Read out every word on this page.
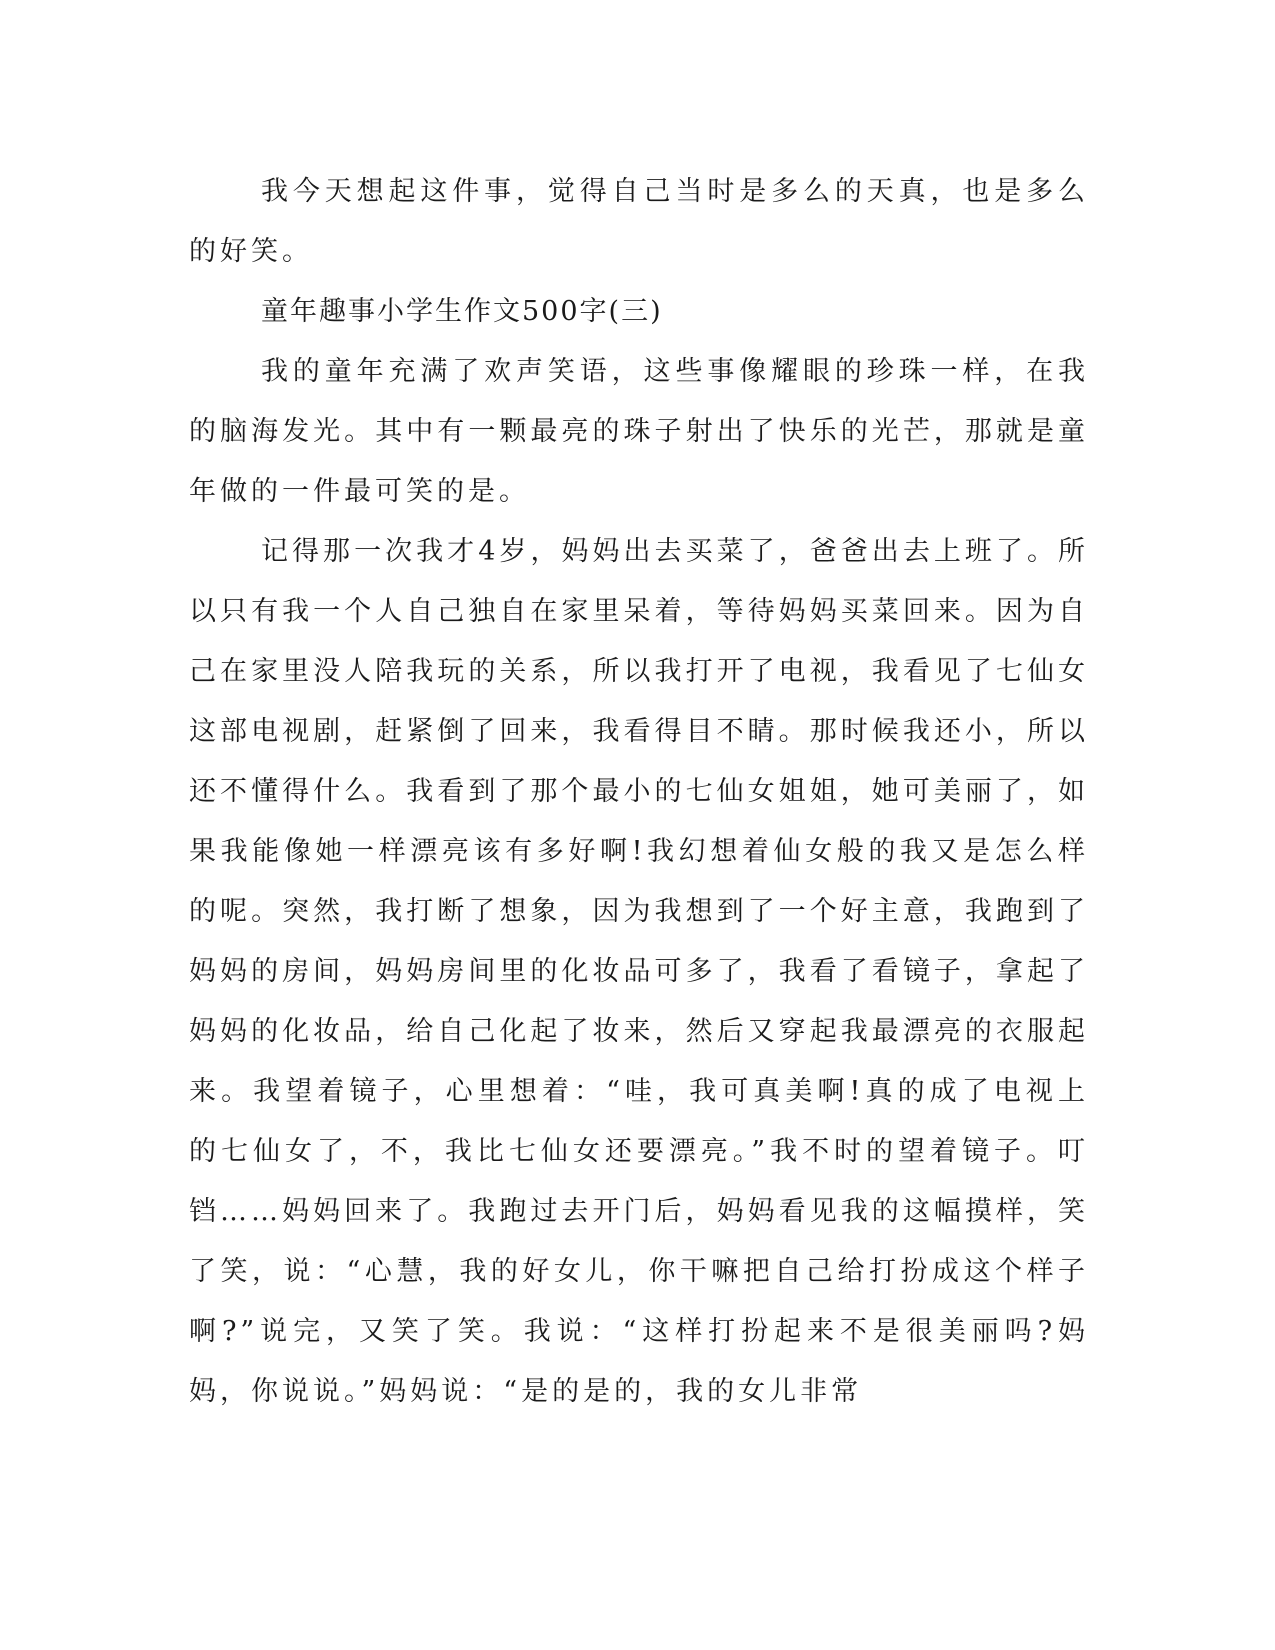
我今天想起这件事，觉得自己当时是多么的天真，也是多么的好笑。

童年趣事小学生作文500字(三)

我的童年充满了欢声笑语，这些事像耀眼的珍珠一样，在我的脑海发光。其中有一颗最亮的珠子射出了快乐的光芒，那就是童年做的一件最可笑的是。

记得那一次我才4岁，妈妈出去买菜了，爸爸出去上班了。所以只有我一个人自己独自在家里呆着，等待妈妈买菜回来。因为自己在家里没人陪我玩的关系，所以我打开了电视，我看见了七仙女这部电视剧，赶紧倒了回来，我看得目不睛。那时候我还小，所以还不懂得什么。我看到了那个最小的七仙女姐姐，她可美丽了，如果我能像她一样漂亮该有多好啊!我幻想着仙女般的我又是怎么样的呢。突然，我打断了想象，因为我想到了一个好主意，我跑到了妈妈的房间，妈妈房间里的化妆品可多了，我看了看镜子，拿起了妈妈的化妆品，给自己化起了妆来，然后又穿起我最漂亮的衣服起来。我望着镜子，心里想着：“哇，我可真美啊!真的成了电视上的七仙女了，不，我比七仙女还要漂亮。”我不时的望着镜子。叮铛……妈妈回来了。我跑过去开门后，妈妈看见我的这幅摸样，笑了笑，说：“心慧，我的好女儿，你干嘛把自己给打扮成这个样子啊?”说完，又笑了笑。我说：“这样打扮起来不是很美丽吗?妈妈，你说说。”妈妈说：“是的是的，我的女儿非常
